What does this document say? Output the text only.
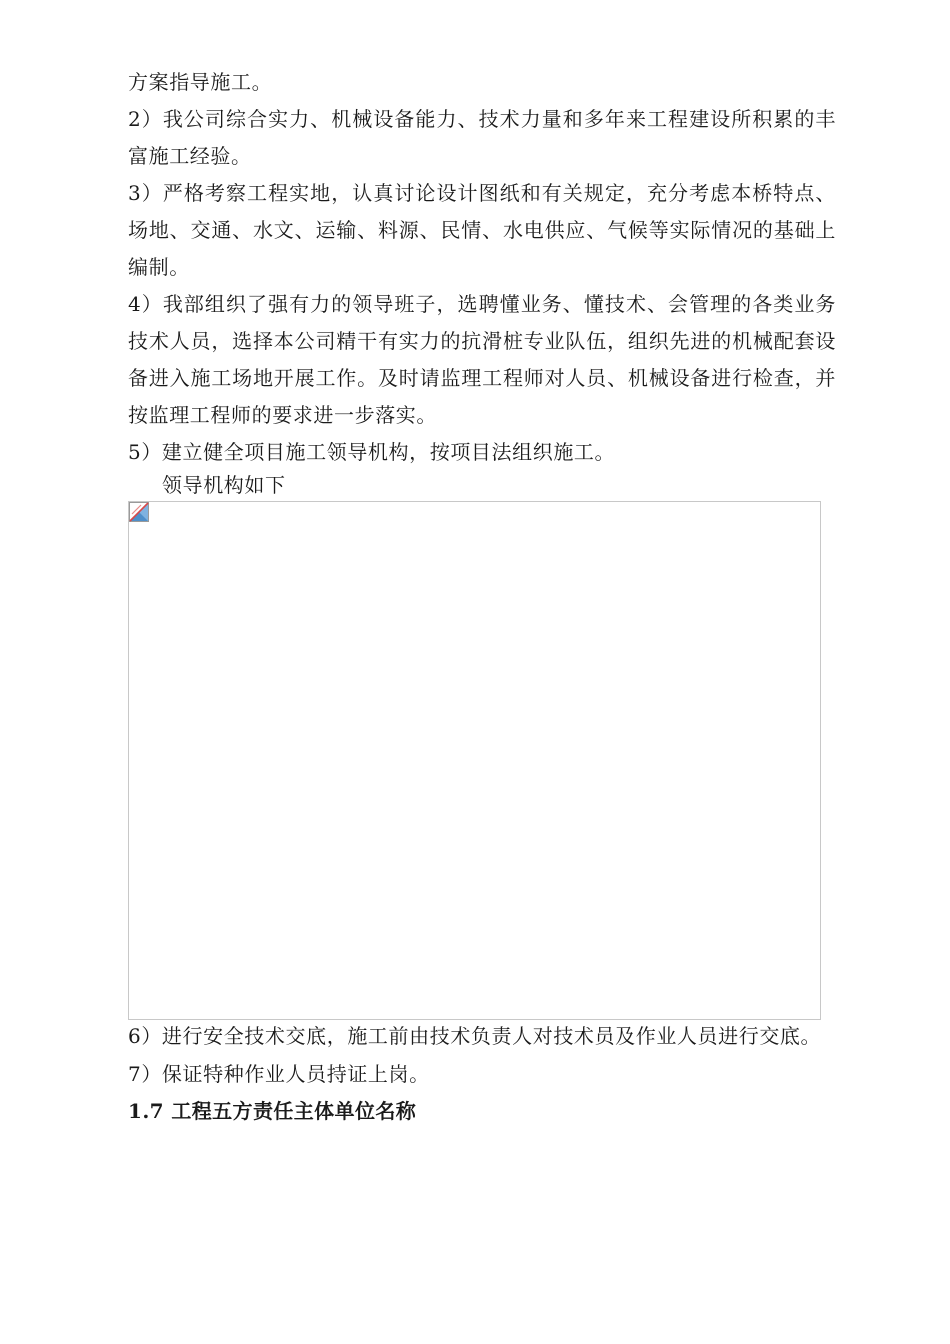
方案指导施工。

2）我公司综合实力、机械设备能力、技术力量和多年来工程建设所积累的丰富施工经验。

3）严格考察工程实地，认真讨论设计图纸和有关规定，充分考虑本桥特点、场地、交通、水文、运输、料源、民情、水电供应、气候等实际情况的基础上编制。

4）我部组织了强有力的领导班子，选聘懂业务、懂技术、会管理的各类业务技术人员，选择本公司精干有实力的抗滑桩专业队伍，组织先进的机械配套设备进入施工场地开展工作。及时请监理工程师对人员、机械设备进行检查，并按监理工程师的要求进一步落实。

5）建立健全项目施工领导机构，按项目法组织施工。

领导机构如下

6）进行安全技术交底，施工前由技术负责人对技术员及作业人员进行交底。

7）保证特种作业人员持证上岗。

1.7 工程五方责任主体单位名称
